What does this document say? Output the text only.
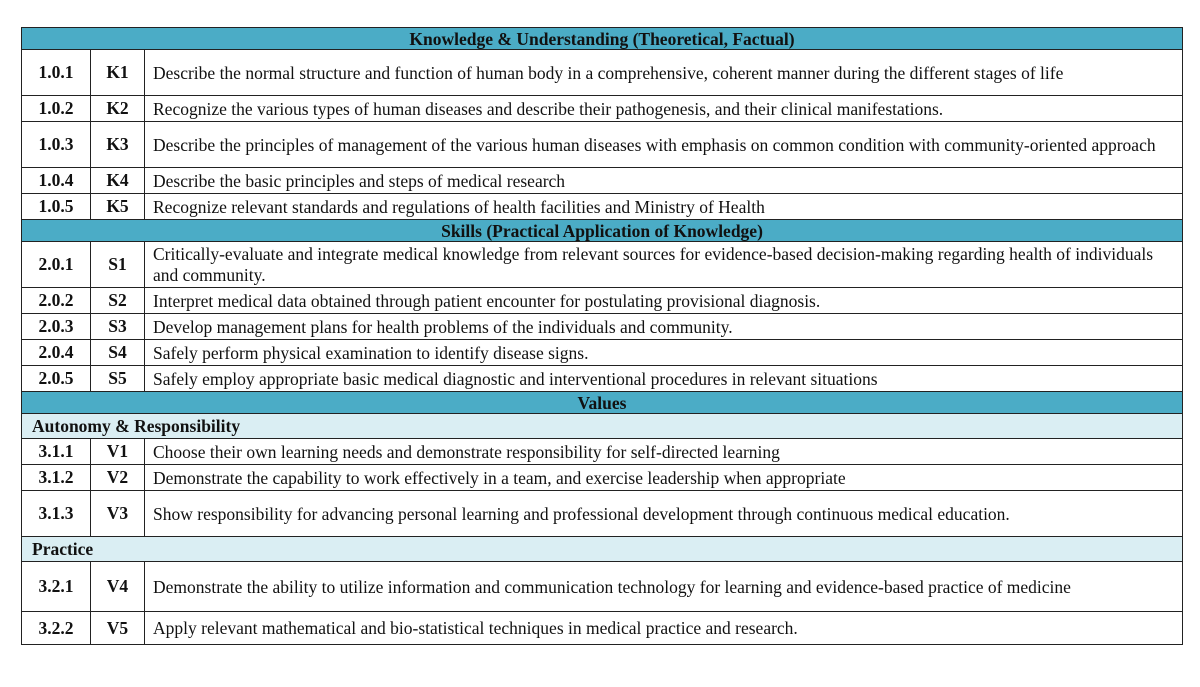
Knowledge & Understanding (Theoretical, Factual)		
1.0.1	K1	Describe the normal structure and function of human body in a comprehensive, coherent manner during the different stages of life
1.0.2	K2	Recognize the various types of human diseases and describe their pathogenesis, and their clinical manifestations.
1.0.3	K3	Describe the principles of management of the various human diseases with emphasis on common condition with community-oriented approach
1.0.4	K4	Describe the basic principles and steps of medical research
1.0.5	K5	Recognize relevant standards and regulations of health facilities and Ministry of Health
Skills (Practical Application of Knowledge)		
2.0.1	S1	Critically-evaluate and integrate medical knowledge from relevant sources for evidence-based decision-making regarding health of individuals and community.
2.0.2	S2	Interpret medical data obtained through patient encounter for postulating provisional diagnosis.
2.0.3	S3	Develop management plans for health problems of the individuals and community.
2.0.4	S4	Safely perform physical examination to identify disease signs.
2.0.5	S5	Safely employ appropriate basic medical diagnostic and interventional procedures in relevant situations
Values		
Autonomy & Responsibility		
3.1.1	V1	Choose their own learning needs and demonstrate responsibility for self-directed learning
3.1.2	V2	Demonstrate the capability to work effectively in a team, and exercise leadership when appropriate
3.1.3	V3	Show responsibility for advancing personal learning and professional development through continuous medical education.
Practice		
3.2.1	V4	Demonstrate the ability to utilize information and communication technology for learning and evidence-based practice of medicine
3.2.2	V5	Apply relevant mathematical and bio-statistical techniques in medical practice and research.
